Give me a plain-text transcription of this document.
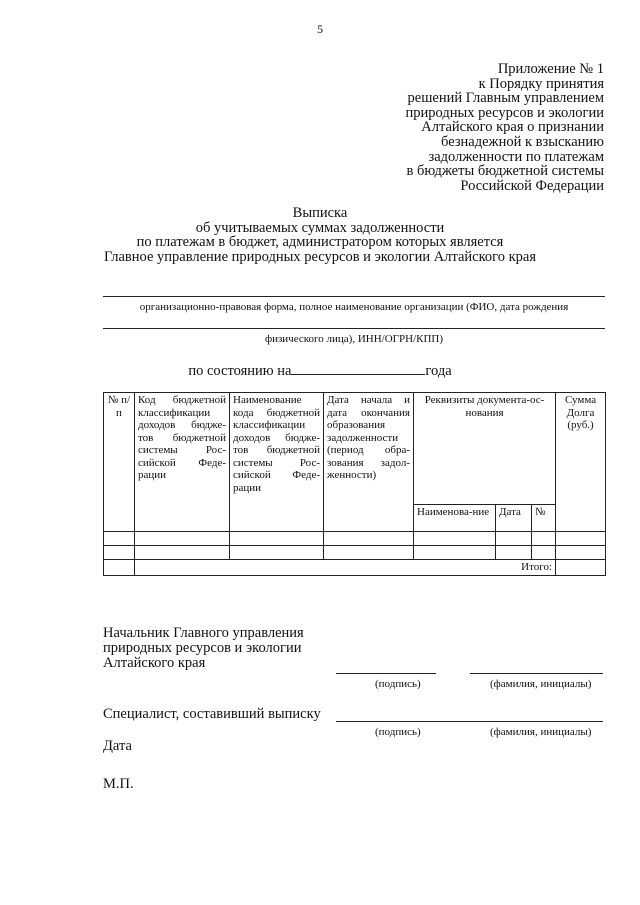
5
Приложение № 1
к Порядку принятия
решений Главным управлением
природных ресурсов и экологии
Алтайского края о признании
безнадежной к взысканию
задолженности по платежам
в бюджеты бюджетной системы
Российской Федерации
Выписка
об учитываемых суммах задолженности
по платежам в бюджет, администратором которых является
Главное управление природных ресурсов и экологии Алтайского края
организационно-правовая форма, полное наименование организации (ФИО, дата рождения
физического лица), ИНН/ОГРН/КПП)
по состоянию на	года
№ п/п	Код бюджетной классификации доходов бюдже-тов бюджетной системы Рос-сийской Феде-рации	Наименование кода бюджетной классификации доходов бюдже-тов бюджетной системы Рос-сийской Феде-рации	Дата начала и дата окончания образования задолженности (период обра-зования задол-женности)	Реквизиты документа-ос-нования			Сумма Долга (руб.)
				Наименова-ние	Дата	№	

	Итого:						
Начальник Главного управления
природных ресурсов и экологии
Алтайского края
(подпись)	(фамилия, инициалы)
Специалист, составивший выписку
(подпись)	(фамилия, инициалы)
Дата
М.П.
